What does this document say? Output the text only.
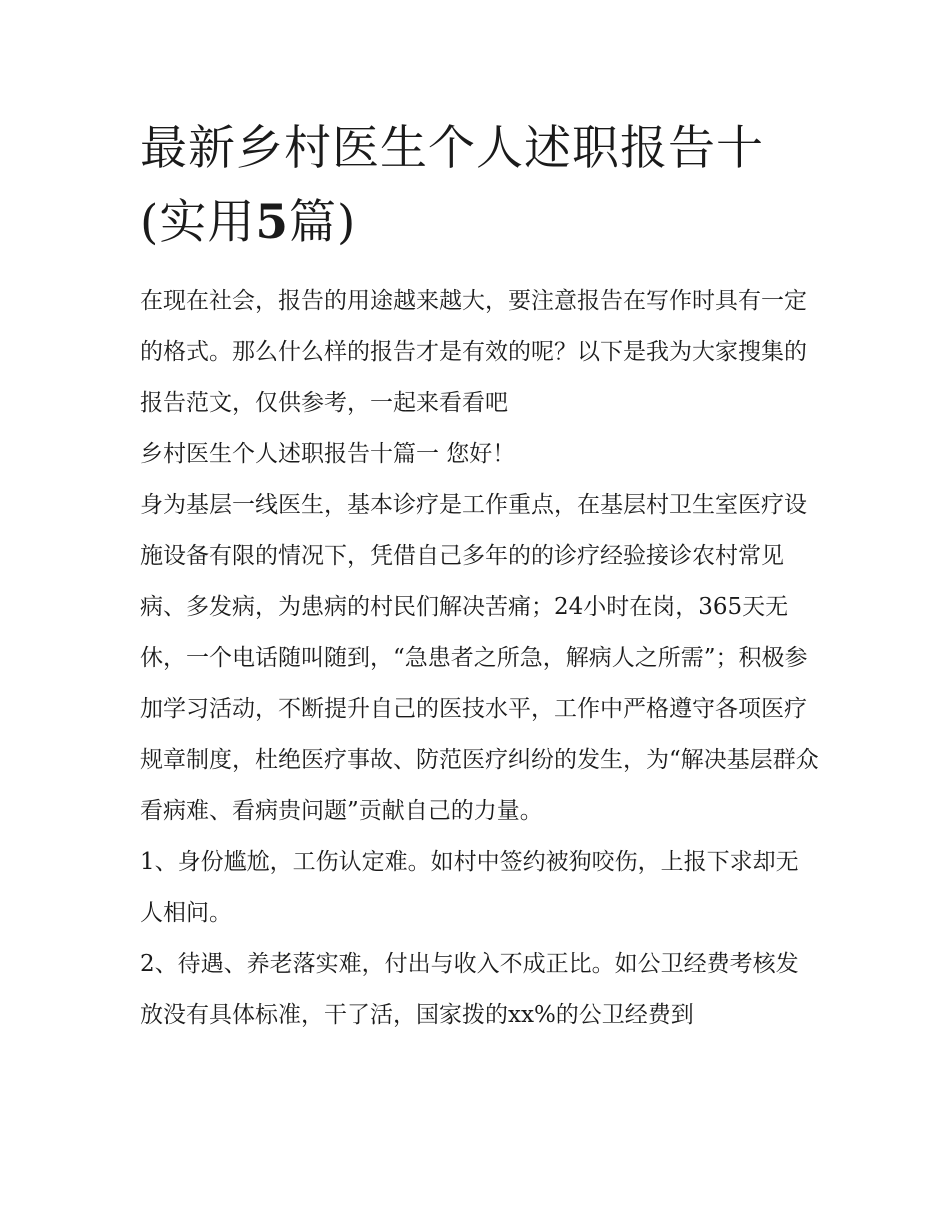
最新乡村医生个人述职报告十
(实用5篇)

在现在社会，报告的用途越来越大，要注意报告在写作时具有一定的格式。那么什么样的报告才是有效的呢？以下是我为大家搜集的报告范文，仅供参考，一起来看看吧

乡村医生个人述职报告十篇一 您好！

身为基层一线医生，基本诊疗是工作重点，在基层村卫生室医疗设施设备有限的情况下，凭借自己多年的的诊疗经验接诊农村常见病、多发病，为患病的村民们解决苦痛；24小时在岗，365天无休，一个电话随叫随到，“急患者之所急，解病人之所需”；积极参加学习活动，不断提升自己的医技水平，工作中严格遵守各项医疗规章制度，杜绝医疗事故、防范医疗纠纷的发生，为“解决基层群众看病难、看病贵问题”贡献自己的力量。

1、身份尴尬，工伤认定难。如村中签约被狗咬伤，上报下求却无人相问。

2、待遇、养老落实难，付出与收入不成正比。如公卫经费考核发放没有具体标准，干了活，国家拨的xx%的公卫经费到
